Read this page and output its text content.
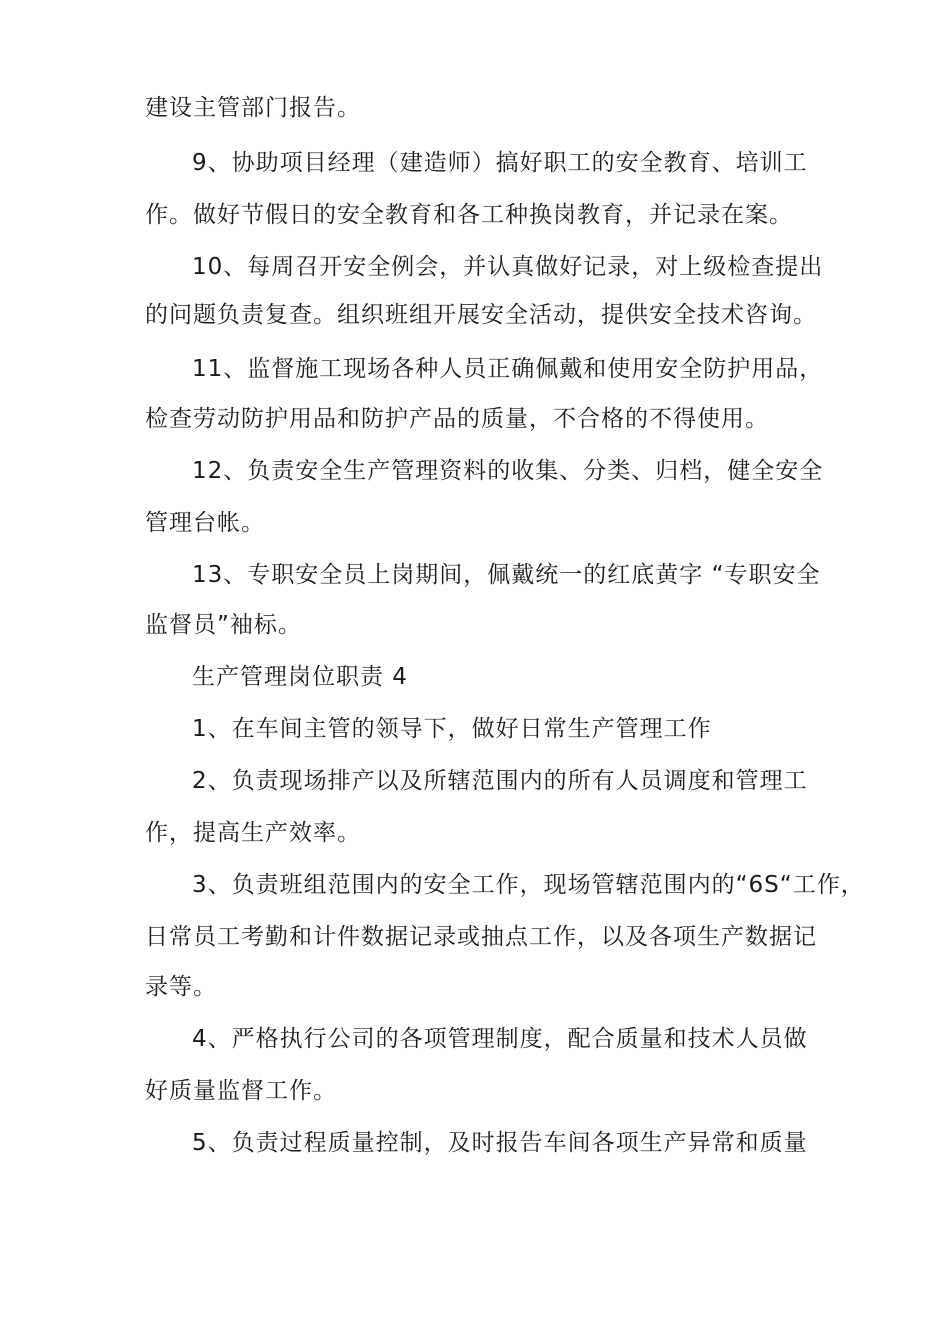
建设主管部门报告。
9、协助项目经理（建造师）搞好职工的安全教育、培训工
作。做好节假日的安全教育和各工种换岗教育，并记录在案。
10、每周召开安全例会，并认真做好记录，对上级检查提出
的问题负责复查。组织班组开展安全活动，提供安全技术咨询。
11、监督施工现场各种人员正确佩戴和使用安全防护用品，
检查劳动防护用品和防护产品的质量，不合格的不得使用。
12、负责安全生产管理资料的收集、分类、归档，健全安全
管理台帐。
13、专职安全员上岗期间，佩戴统一的红底黄字 “专职安全
监督员”袖标。
生产管理岗位职责 4
1、在车间主管的领导下，做好日常生产管理工作
2、负责现场排产以及所辖范围内的所有人员调度和管理工
作，提高生产效率。
3、负责班组范围内的安全工作，现场管辖范围内的“6S“工作，
日常员工考勤和计件数据记录或抽点工作，以及各项生产数据记
录等。
4、严格执行公司的各项管理制度，配合质量和技术人员做
好质量监督工作。
5、负责过程质量控制，及时报告车间各项生产异常和质量
